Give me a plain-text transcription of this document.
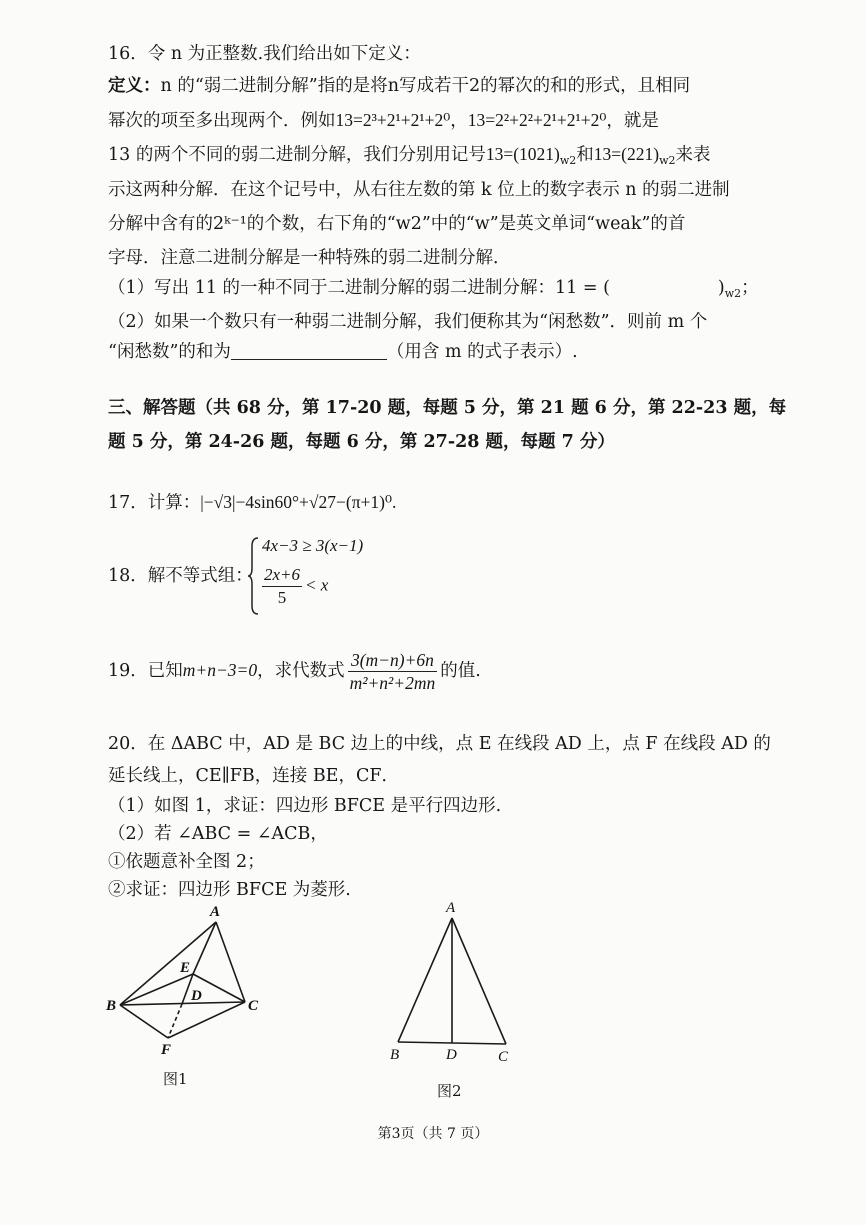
16．令 n 为正整数.我们给出如下定义：
定义：n 的“弱二进制分解”指的是将n写成若干2的幂次的和的形式，且相同
幂次的项至多出现两个．例如13=2³+2¹+2¹+2⁰，13=2²+2²+2¹+2¹+2⁰，就是
13 的两个不同的弱二进制分解，我们分别用记号$13=(1021)_{w2}$和$13=(221)_{w2}$来表
示这两种分解．在这个记号中，从右往左数的第 k 位上的数字表示 n 的弱二进制
分解中含有的2ᵏ⁻¹的个数，右下角的“w2”中的“w”是英文单词“weak”的首
字母．注意二进制分解是一种特殊的弱二进制分解．
（1）写出 11 的一种不同于二进制分解的弱二进制分解：11 = (	)$_{w2}$；
（2）如果一个数只有一种弱二进制分解，我们便称其为“闲愁数”．则前 m 个
“闲愁数”的和为	（用含 m 的式子表示）.
三、解答题（共 68 分，第 17-20 题，每题 5 分，第 21 题 6 分，第 22-23 题，每
题 5 分，第 24-26 题，每题 6 分，第 27-28 题，每题 7 分）
17．计算：|−√3|−4sin60°+√27−(π+1)⁰.
18．解不等式组：
4x−3 ≥ 3(x−1)
$\frac{2x+6}{5} < x$
19．已知m+n−3=0，求代数式 $\frac{3(m-n)+6n}{\text{m²+n²+2mn}}$ 的值.
20．在 ΔABC 中，AD 是 BC 边上的中线，点 E 在线段 AD 上，点 F 在线段 AD 的
延长线上，CE∥FB，连接 BE，CF．
（1）如图 1，求证：四边形 BFCE 是平行四边形.
（2）若 ∠ABC = ∠ACB，
①依题意补全图 2；
②求证：四边形 BFCE 为菱形.
A
B	C
D
E
F
图1
A
B	C
D
图2
第3页（共 7 页）
